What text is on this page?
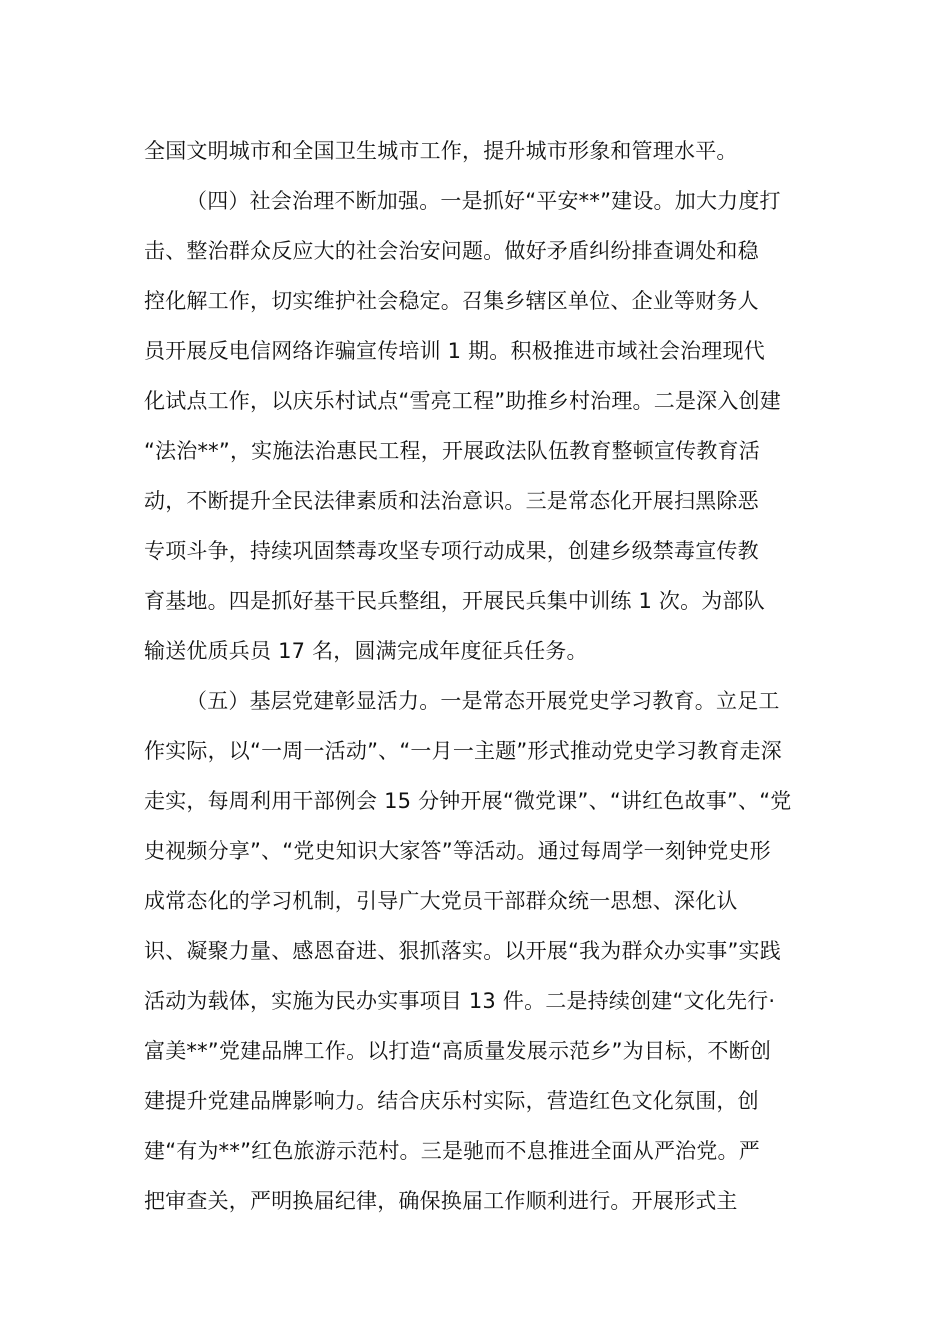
全国文明城市和全国卫生城市工作，提升城市形象和管理水平。
（四）社会治理不断加强。一是抓好“平安**”建设。加大力度打
击、整治群众反应大的社会治安问题。做好矛盾纠纷排查调处和稳
控化解工作，切实维护社会稳定。召集乡辖区单位、企业等财务人
员开展反电信网络诈骗宣传培训 1 期。积极推进市域社会治理现代
化试点工作，以庆乐村试点“雪亮工程”助推乡村治理。二是深入创建
“法治**”，实施法治惠民工程，开展政法队伍教育整顿宣传教育活
动，不断提升全民法律素质和法治意识。三是常态化开展扫黑除恶
专项斗争，持续巩固禁毒攻坚专项行动成果，创建乡级禁毒宣传教
育基地。四是抓好基干民兵整组，开展民兵集中训练 1 次。为部队
输送优质兵员 17 名，圆满完成年度征兵任务。
（五）基层党建彰显活力。一是常态开展党史学习教育。立足工
作实际，以“一周一活动”、“一月一主题”形式推动党史学习教育走深
走实，每周利用干部例会 15 分钟开展“微党课”、“讲红色故事”、“党
史视频分享”、“党史知识大家答”等活动。通过每周学一刻钟党史形
成常态化的学习机制，引导广大党员干部群众统一思想、深化认
识、凝聚力量、感恩奋进、狠抓落实。以开展“我为群众办实事”实践
活动为载体，实施为民办实事项目 13 件。二是持续创建“文化先行·
富美**”党建品牌工作。以打造“高质量发展示范乡”为目标，不断创
建提升党建品牌影响力。结合庆乐村实际，营造红色文化氛围，创
建“有为**”红色旅游示范村。三是驰而不息推进全面从严治党。严
把审查关，严明换届纪律，确保换届工作顺利进行。开展形式主
